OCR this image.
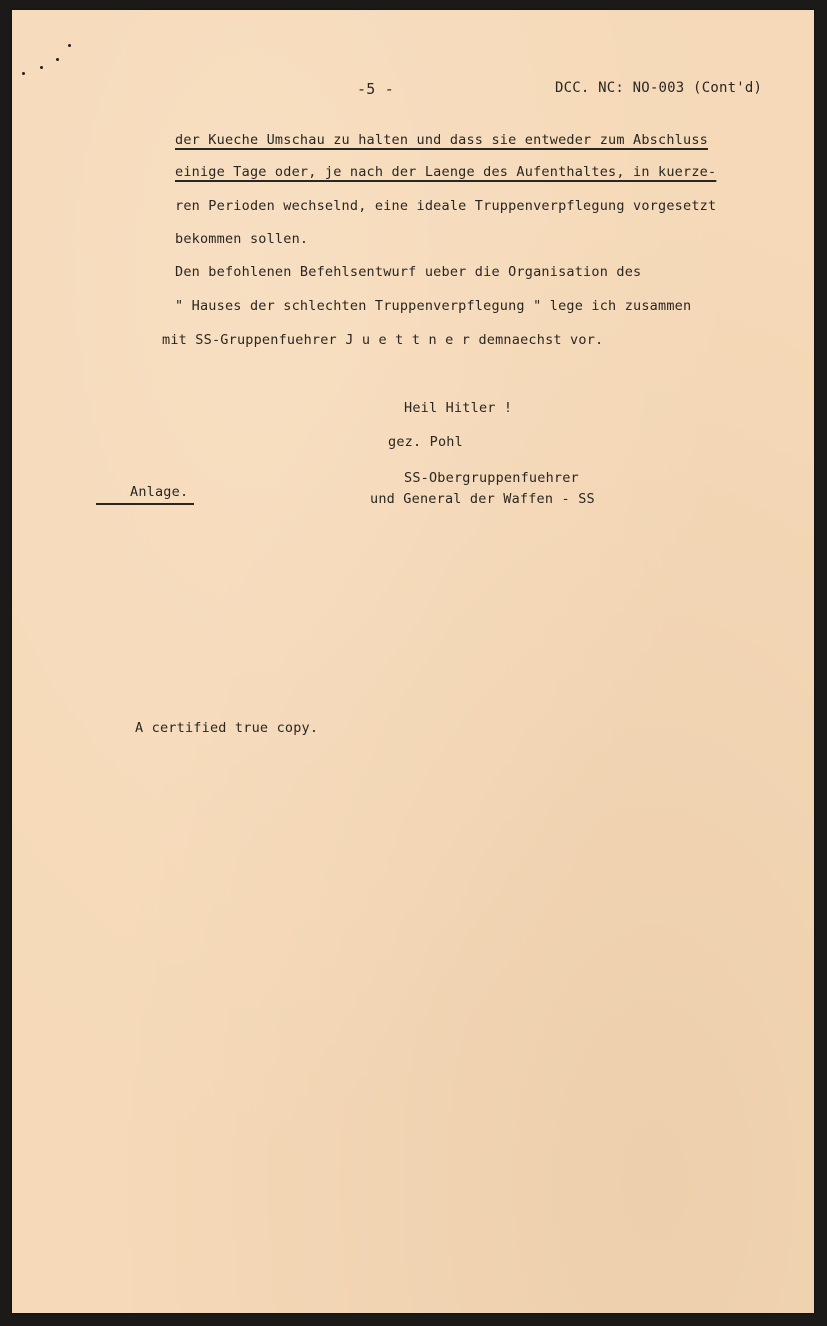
-5 -	DCC. NC: NO-003 (Cont'd)
der Kueche Umschau zu halten und dass sie entweder zum Abschluss
einige Tage oder, je nach der Laenge des Aufenthaltes, in kuerze-
ren Perioden wechselnd, eine ideale Truppenverpflegung vorgesetzt
bekommen sollen.
Den befohlenen Befehlsentwurf ueber die Organisation des
" Hauses der schlechten Truppenverpflegung " lege ich zusammen
mit SS-Gruppenfuehrer J u e t t n e r demnaechst vor.
Heil Hitler !
gez. Pohl
SS-Obergruppenfuehrer
und General der Waffen - SS
Anlage.
A certified true copy.
